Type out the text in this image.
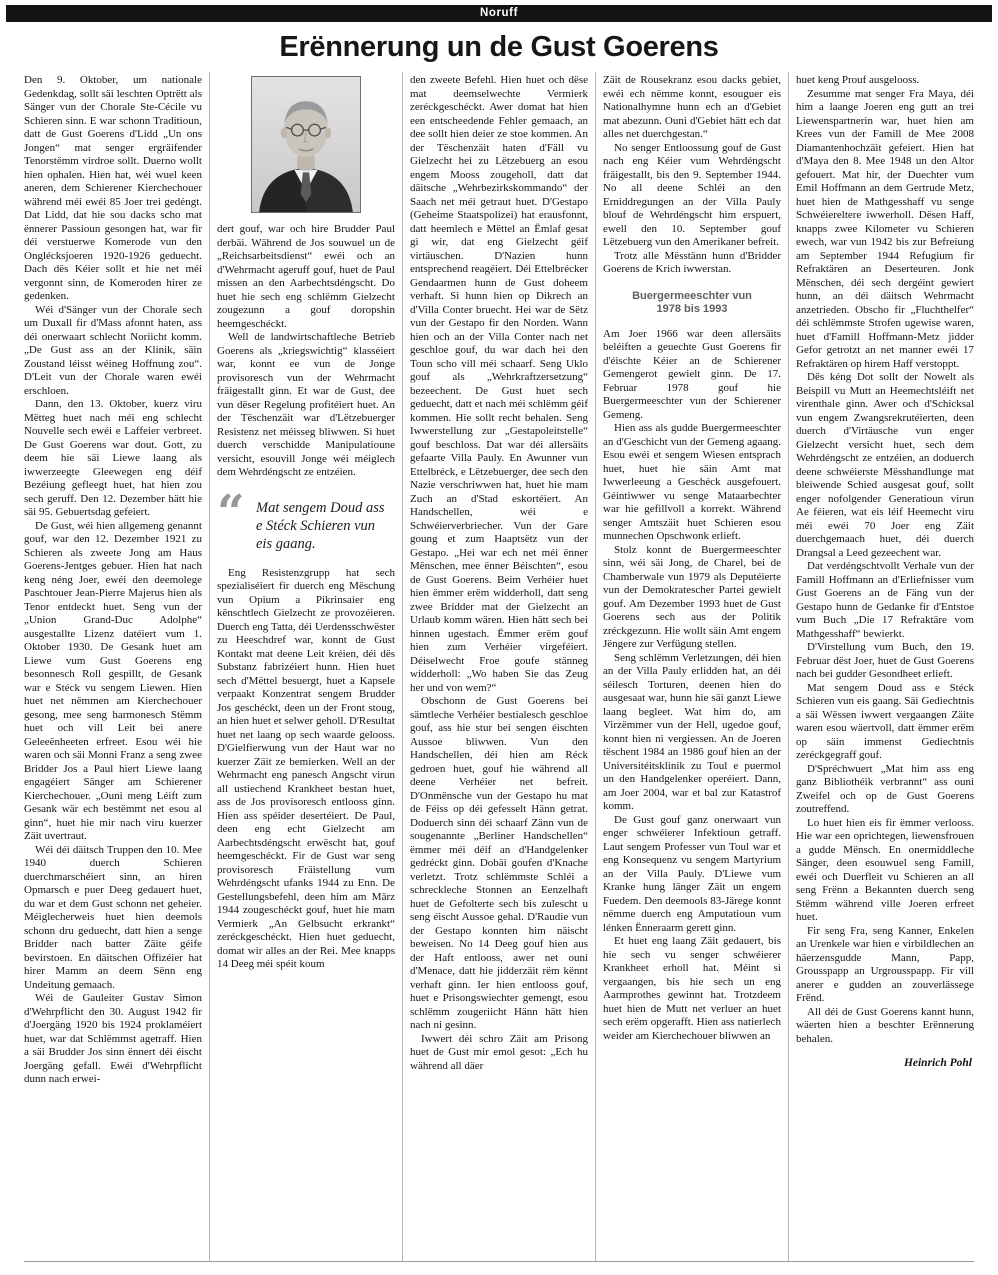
Noruff
Erënnerung un de Gust Goerens

Den 9. Oktober, um nationale Gedenkdag, sollt säi leschten Optrëtt als Sänger vun der Chorale Ste-Cécile vu Schieren sinn. E war schonn Traditioun, datt de Gust Goerens d'Lidd „Un ons Jongen“ mat senger ergräifender Tenorstëmm virdroe sollt. Duerno wollt hien ophalen. Hien hat, wéi wuel keen aneren, dem Schierener Kierchechouer während méi ewéi 85 Joer trei gedéngt. Dat Lidd, dat hie sou dacks scho mat ënnerer Passioun gesongen hat, war fir déi verstuerwe Komerode vun den Onglécksjoeren 1920-1926 geduecht. Dach dës Kéier sollt et hie net méi vergonnt sinn, de Komeroden hirer ze gedenken.

Wéi d'Sänger vun der Chorale sech um Duxall fir d'Mass afonnt haten, ass déi onerwaart schlecht Noriicht komm. „De Gust ass an der Klinik, säin Zoustand léisst wéineg Hoffnung zou“. D'Leit vun der Chorale waren ewéi erschloen.

Dann, den 13. Oktober, kuerz viru Mëtteg huet nach méi eng schlecht Nouvelle sech ewéi e Laffeier verbreet. De Gust Goerens war dout. Gott, zu deem hie säi Liewe laang als iwwerzeegte Gleewegen eng déif Bezéiung gefleegt huet, hat hien zou sech geruff. Den 12. Dezember hätt hie säi 95. Gebuertsdag gefeiert.

De Gust, wéi hien allgemeng genannt gouf, war den 12. Dezember 1921 zu Schieren als zweete Jong am Haus Goerens-Jentges gebuer. Hien hat nach keng néng Joer, ewéi den deemolege Paschtouer Jean-Pierre Majerus hien als Tenor entdeckt huet. Seng vun der „Union Grand-Duc Adolphe“ ausgestallte Lizenz datéiert vum 1. Oktober 1930. De Gesank huet am Liewe vum Gust Goerens eng besonnesch Roll gespillt, de Gesank war e Stéck vu sengem Liewen. Hien huet net nëmmen am Kierchechouer gesong, mee seng harmonesch Stëmm huet och vill Leit bei anere Geleeënheeten erfreet. Esou wéi hie waren och säi Monni Franz a seng zwee Bridder Jos a Paul hiert Liewe laang engagéiert Sänger am Schierener Kierchechouer. „Ouni meng Léift zum Gesank wär ech bestëmmt net esou al ginn“, huet hie mir nach viru kuerzer Zäit uvertraut.

Wéi déi däitsch Truppen den 10. Mee 1940 duerch Schieren duerchmarschéiert sinn, an hiren Opmarsch e puer Deeg gedauert huet, du war et dem Gust schonn net geheier. Méiglecherweis huet hien deemols schonn dru geduecht, datt hien a senge Bridder nach batter Zäite géife bevirstoen. En däitschen Offizéier hat hirer Mamm an deem Sënn eng Undeitung gemaach.

Wéi de Gauleiter Gustav Simon d'Wehrpflicht den 30. August 1942 fir d'Joergäng 1920 bis 1924 proklaméiert huet, war dat Schlëmmst agetraff. Hien a säi Brudder Jos sinn ënnert déi éischt Joergäng gefall. Ewéi d'Wehrpflicht dunn nach erwei-

dert gouf, war och hire Brudder Paul derbäi. Während de Jos souwuel un de „Reichsarbeitsdienst“ ewéi och an d'Wehrmacht ageruff gouf, huet de Paul missen an den Aarbechtsdéngscht. Do huet hie sech eng schlëmm Gielzecht zougezunn a gouf doropshin heemgeschéckt.

Well de landwirtschaftleche Betrieb Goerens als „kriegswichtig“ klasséiert war, konnt ee vun de Jonge provisoresch vun der Wehrmacht fräigestallt ginn. Et war de Gust, dee vun dëser Regelung profitéiert huet. An der Tëschenzäit war d'Lëtzebuerger Resistenz net méisseg bliwwen. Si huet duerch verschidde Manipulatioune versicht, esouvill Jonge wéi méiglech dem Wehrdéngscht ze entzéien.

“ Mat sengem Doud ass e Stéck Schieren vun eis gaang.

Eng Resistenzgrupp hat sech spezialiséiert fir duerch eng Mëschung vun Opium a Pikrinsaier eng kënschtlech Gielzecht ze provozéieren. Duerch eng Tatta, déi Uerdensschwëster zu Heeschdref war, konnt de Gust Kontakt mat deene Leit kréien, déi dës Substanz fabrizéiert hunn. Hien huet sech d'Mëttel besuergt, huet a Kapsele verpaakt Konzentrat sengem Brudder Jos geschéckt, deen un der Front stoug, an hien huet et selwer geholl. D'Resultat huet net laang op sech waarde gelooss. D'Gielfierwung vun der Haut war no kuerzer Zäit ze bemierken. Well an der Wehrmacht eng panesch Angscht virun all ustiechend Krankheet bestan huet, ass de Jos provisoresch entlooss ginn. Hien ass spéider desertéiert. De Paul, deen eng echt Gielzecht am Aarbechtsdéngscht erwëscht hat, gouf heemgeschéckt. Fir de Gust war seng provisoresch Fräistellung vum Wehrdéngscht ufanks 1944 zu Enn. De Gestellungsbefehl, deen him am März 1944 zougeschéckt gouf, huet hie mam Vermierk „An Gelbsucht erkrankt“ zeréckgeschéckt. Hien huet geduecht, domat wir alles an der Rei. Mee knapps 14 Deeg méi spéit koum

den zweete Befehl. Hien huet och dëse mat deemselwechte Vermierk zeréckgeschéckt. Awer domat hat hien een entscheedende Fehler gemaach, an dee sollt hien deier ze stoe kommen. An der Tëschenzäit haten d'Fäll vu Gielzecht hei zu Lëtzebuerg an esou engem Mooss zougeholl, datt dat däitsche „Wehrbezirkskommando“ der Saach net méi getraut huet. D'Gestapo (Geheime Staatspolizei) hat erausfonnt, datt heemlech e Mëttel an Ëmlaf gesat gi wir, dat eng Gielzecht géif virtäuschen. D'Nazien hunn entsprechend reagéiert. Déi Ettelbrécker Gendaarmen hunn de Gust doheem verhaft. Si hunn hien op Dikrech an d'Villa Conter bruecht. Hei war de Sëtz vun der Gestapo fir den Norden. Wann hien och an der Villa Conter nach net geschloe gouf, du war dach hei den Toun scho vill méi schaarf. Seng Uklo gouf als „Wehrkraftzersetzung“ bezeechent. De Gust huet sech geduecht, datt et nach méi schlëmm géif kommen. Hie sollt recht behalen. Seng Iwwerstellung zur „Gestapoleitstelle“ gouf beschloss. Dat war déi allersäits gefaarte Villa Pauly. En Awunner vun Ettelbréck, e Lëtzebuerger, dee sech den Nazie verschriwwen hat, huet hie mam Zuch an d'Stad eskortéiert. An Handschellen, wéi e Schwéierverbriecher. Vun der Gare goung et zum Haaptsëtz vun der Gestapo. „Hei war ech net méi ënner Mënschen, mee ënner Béischten“, esou de Gust Goerens. Beim Verhéier huet hien ëmmer erëm widderholl, datt seng zwee Bridder mat der Gielzecht an Urlaub komm wären. Hien hätt sech bei hinnen ugestach. Ëmmer erëm gouf hien zum Verhéier virgeféiert. Déiselwecht Froe goufe stänneg widderholl: „Wo haben Sie das Zeug her und von wem?“

Obschonn de Gust Goerens bei sämtleche Verhéier bestialesch geschloe gouf, ass hie stur bei sengen éischten Aussoe bliwwen. Vun den Handschellen, déi hien am Réck gedroen huet, gouf hie während all deene Verhéier net befreit. D'Onmënsche vun der Gestapo hu mat de Féiss op déi gefesselt Hänn getrat. Doduerch sinn déi schaarf Zänn vun de sougenannte „Berliner Handschellen“ ëmmer méi déif an d'Handgelenker gedréckt ginn. Dobäi goufen d'Knache verletzt. Trotz schlëmmste Schléi a schreckleche Stonnen an Eenzelhaft huet de Gefolterte sech bis zulescht u seng éischt Aussoe gehal. D'Raudie vun der Gestapo konnten him näischt beweisen. No 14 Deeg gouf hien aus der Haft entlooss, awer net ouni d'Menace, datt hie jidderzäit rëm kënnt verhaft ginn. Ier hien entlooss gouf, huet e Prisongswiechter gemengt, esou schlëmm zougeriicht Hänn hätt hien nach ni gesinn.

Iwwert déi schro Zäit am Prisong huet de Gust mir emol gesot: „Ech hu während all däer

Zäit de Rousekranz esou dacks gebiet, ewéi ech nëmme konnt, esouguer eis Nationalhymne hunn ech an d'Gebiet mat abezunn. Ouni d'Gebiet hätt ech dat alles net duerchgestan.“

No senger Entloossung gouf de Gust nach eng Kéier vum Wehrdéngscht fräigestallt, bis den 9. September 1944. No all deene Schléi an den Erniddregungen an der Villa Pauly blouf de Wehrdéngscht him erspuert, ewell den 10. September gouf Lëtzebuerg vun den Amerikaner befreit.

Trotz alle Mësstänn hunn d'Bridder Goerens de Krich iwwerstan.

Buergermeeschter vun 1978 bis 1993

Am Joer 1966 war deen allersäits beléiften a geuechte Gust Goerens fir d'éischte Kéier an de Schierener Gemengerot gewielt ginn. De 17. Februar 1978 gouf hie Buergermeeschter vun der Schierener Gemeng.

Hien ass als gudde Buergermeeschter an d'Geschicht vun der Gemeng agaang. Esou ewéi et sengem Wiesen entsprach huet, huet hie säin Amt mat Iwwerleeung a Geschéck ausgefouert. Géintiwwer vu senge Mataarbechter war hie gefillvoll a korrekt. Während senger Amtszäit huet Schieren esou munnechen Opschwonk erlieft.

Stolz konnt de Buergermeeschter sinn, wéi säi Jong, de Charel, bei de Chamberwale vun 1979 als Deputéierte vun der Demokratescher Partei gewielt gouf. Am Dezember 1993 huet de Gust Goerens sech aus der Politik zréckgezunn. Hie wollt säin Amt engem Jëngere zur Verfügung stellen.

Seng schlëmm Verletzungen, déi hien an der Villa Pauly erlidden hat, an déi séilesch Torturen, deenen hien do ausgesaat war, hunn hie säi ganzt Liewe laang begleet. Wat him do, am Virzëmmer vun der Hell, ugedoe gouf, konnt hien ni vergiessen. An de Joeren tëschent 1984 an 1986 gouf hien an der Universitéitsklinik zu Toul e puermol un den Handgelenker operéiert. Dann, am Joer 2004, war et bal zur Katastrof komm.

De Gust gouf ganz onerwaart vun enger schwéierer Infektioun getraff. Laut sengem Professer vun Toul war et eng Konsequenz vu sengem Martyrium an der Villa Pauly. D'Liewe vum Kranke hung länger Zäit un engem Fuedem. Den deemools 83-Järege konnt nëmme duerch eng Amputatioun vum lénken Ënneraarm gerett ginn.

Et huet eng laang Zäit gedauert, bis hie sech vu senger schwéierer Krankheet erholl hat. Méint si vergaangen, bis hie sech un eng Aarmprothes gewinnt hat. Trotzdeem huet hien de Mutt net verluer an huet sech erëm opgerafft. Hien ass natierlech weider am Kierchechouer bliwwen an

huet keng Prouf ausgelooss.

Zesumme mat senger Fra Maya, déi him a laange Joeren eng gutt an trei Liewenspartnerin war, huet hien am Krees vun der Famill de Mee 2008 Diamantenhochzäit gefeiert. Hien hat d'Maya den 8. Mee 1948 un den Altor gefouert. Mat hir, der Duechter vum Emil Hoffmann an dem Gertrude Metz, huet hien de Mathgesshaff vu senge Schwéiereltere iwwerholl. Dësen Haff, knapps zwee Kilometer vu Schieren ewech, war vun 1942 bis zur Befreiung am September 1944 Refugium fir Refraktären an Deserteuren. Jonk Mënschen, déi sech dergéint gewiert hunn, an déi däitsch Wehrmacht anzetrieden. Obscho fir „Fluchthelfer“ déi schlëmmste Strofen ugewise waren, huet d'Famill Hoffmann-Metz jidder Gefor getrotzt an net manner ewéi 17 Refraktären op hirem Haff verstoppt.

Dës kéng Dot sollt der Nowelt als Beispill vu Mutt an Heemechtsléift net virenthale ginn. Awer och d'Schicksal vun engem Zwangsrekrutéierten, deen duerch d'Virtäusche vun enger Gielzecht versicht huet, sech dem Wehrdéngscht ze entzéien, an doduerch deene schwéierste Mësshandlunge mat bleiwende Schied ausgesat gouf, sollt enger nofolgender Generatioun virun Ae féieren, wat eis léif Heemecht viru méi ewéi 70 Joer eng Zäit duerchgemaach huet, déi duerch Drangsal a Leed gezeechent war.

Dat verdéngschtvollt Verhale vun der Famill Hoffmann an d'Erliefnisser vum Gust Goerens an de Fäng vun der Gestapo hunn de Gedanke fir d'Entstoe vum Buch „Die 17 Refraktäre vom Mathgesshaff“ bewierkt.

D'Virstellung vum Buch, den 19. Februar dëst Joer, huet de Gust Goerens nach bei gudder Gesondheet erlieft.

Mat sengem Doud ass e Stéck Schieren vun eis gaang. Säi Gediechtnis a säi Wëssen iwwert vergaangen Zäite waren esou wäertvoll, datt ëmmer erëm op säin immenst Gediechtnis zeréckgegraff gouf.

D'Spréchwuert „Mat him ass eng ganz Bibliothéik verbrannt“ ass ouni Zweifel och op de Gust Goerens zoutreffend.

Lo huet hien eis fir ëmmer verlooss. Hie war een oprichtegen, liewensfrouen a gudde Mënsch. En onermiddleche Sänger, deen esouwuel seng Famill, ewéi och Duerfleit vu Schieren an all seng Frënn a Bekannten duerch seng Stëmm während ville Joeren erfreet huet.

Fir seng Fra, seng Kanner, Enkelen an Urenkele war hien e virbildlechen an häerzensgudde Mann, Papp, Grousspapp an Urgrousspapp. Fir vill anerer e gudden an zouverlässege Frënd.

All déi de Gust Goerens kannt hunn, wäerten hien a beschter Erënnerung behalen.

Heinrich Pohl
